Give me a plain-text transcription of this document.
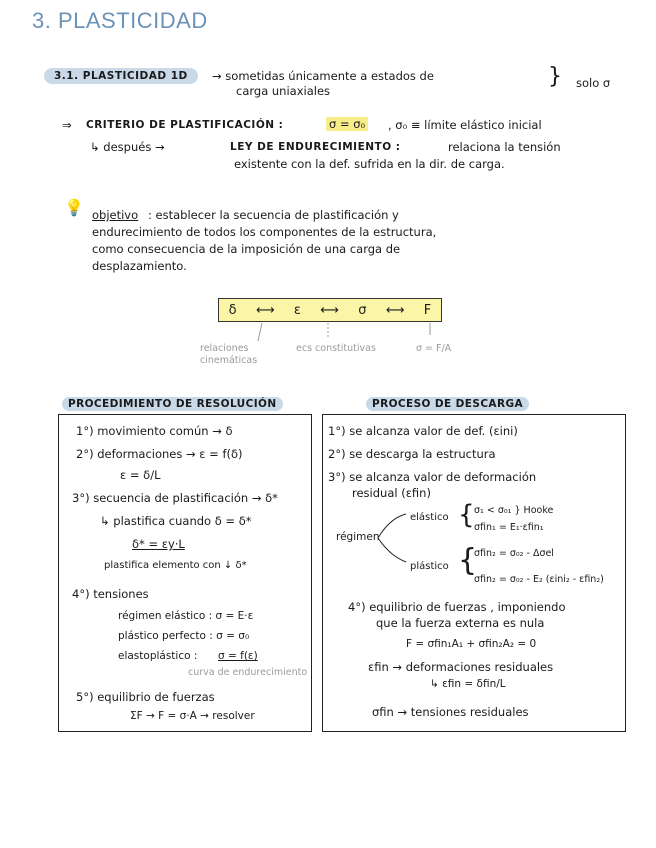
3. PLASTICIDAD
3.1. PLASTICIDAD 1D	→ sometidas únicamente a estados de
carga uniaxiales
} solo σ
⇒ CRITERIO DE PLASTIFICACIÓN :	σ = σ₀ , σ₀ ≡ límite elástico inicial
↳ después →	LEY DE ENDURECIMIENTO :	relaciona la tensión
existente con la def. sufrida en la dir. de carga.
💡 objetivo : establecer la secuencia de plastificación y
endurecimiento de todos los componentes de la estructura,
como consecuencia de la imposición de una carga de
desplazamiento.
δ ⟷ ε ⟷ σ ⟷ F
relaciones
cinemáticas
ecs constitutivas	σ = F/A
PROCEDIMIENTO DE RESOLUCIÓN
1°) movimiento común → δ
2°) deformaciones → ε = f(δ)
ε = δ/L
3°) secuencia de plastificación → δ*
↳ plastifica cuando δ = δ*
δ* = εy·L
plastifica elemento con ↓ δ*
4°) tensiones
régimen elástico : σ = E·ε
plástico perfecto : σ = σ₀
elastoplástico : σ = f(ε)
curva de endurecimiento
5°) equilibrio de fuerzas
ΣF → F = σ·A → resolver
PROCESO DE DESCARGA
1°) se alcanza valor de def. (εini)
2°) se descarga la estructura
3°) se alcanza valor de deformación
residual (εfin)
régimen
elástico { σ₁ < σ₀₁ } Hooke
σfin₁ = E₁·εfin₁
plástico {
σfin₂ = σ₀₂ - Δσel
σfin₂ = σ₀₂ - E₂ (εini₂ - εfin₂)
4°) equilibrio de fuerzas , imponiendo
que la fuerza externa es nula
F = σfin₁A₁ + σfin₂A₂ = 0
εfin → deformaciones residuales
↳ εfin = δfin/L
σfin → tensiones residuales
